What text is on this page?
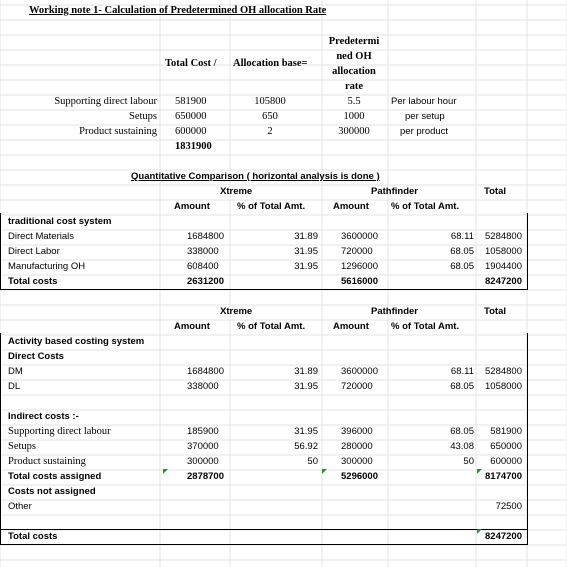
Working note 1- Calculation of Predetermined OH allocation Rate
Total Cost / Allocation base=
Predetermi
ned OH
allocation
rate
Supporting direct labour 581900	105800	5.5	Per labour hour
Setups 650000	650	1000	per setup
Product sustaining 600000	2	300000	per product
1831900
Quantitative Comparison ( horizontal analysis is done )
Xtreme	Pathfinder	Total
Amount	% of Total Amt.	Amount % of Total Amt.
traditional cost system
Direct Materials	1684800	31.89 3600000	68.11	5284800
Direct Labor	338000	31.95 720000	68.05	1058000
Manufacturing OH	608400	31.95 1296000	68.05	1904400
Total costs	2631200	5616000	8247200
Xtreme	Pathfinder	Total
Amount	% of Total Amt.	Amount % of Total Amt.
Activity based costing system
Direct Costs
DM	1684800	31.89 3600000	68.11	5284800
DL	338000	31.95 720000	68.05	1058000
Indirect costs :-
Supporting direct labour	185900	31.95 396000	68.05	581900
Setups	370000	56.92 280000	43.08	650000
Product sustaining	300000	50 300000	50	600000
Total costs assigned	2878700	5296000	8174700
Costs not assigned
Other	72500
Total costs	8247200
